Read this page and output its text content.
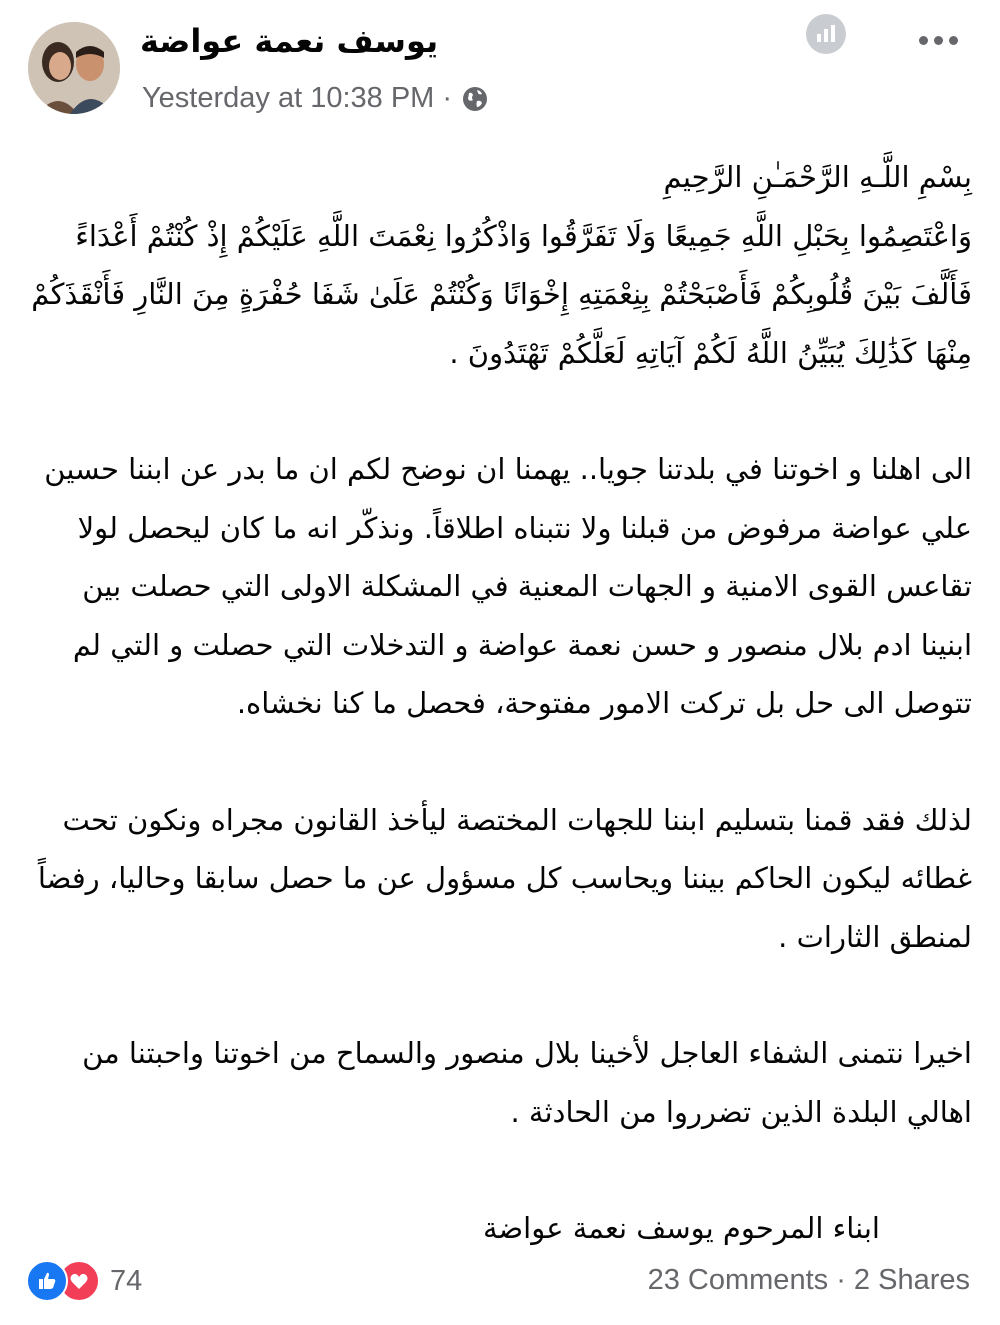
يوسف نعمة عواضة
Yesterday at 10:38 PM ·

بِسْمِ اللَّـهِ الرَّحْمَـٰنِ الرَّحِيمِ
وَاعْتَصِمُوا بِحَبْلِ اللَّهِ جَمِيعًا وَلَا تَفَرَّقُوا وَاذْكُرُوا نِعْمَتَ اللَّهِ عَلَيْكُمْ إِذْ كُنْتُمْ أَعْدَاءً فَأَلَّفَ بَيْنَ قُلُوبِكُمْ فَأَصْبَحْتُمْ بِنِعْمَتِهِ إِخْوَانًا وَكُنْتُمْ عَلَىٰ شَفَا حُفْرَةٍ مِنَ النَّارِ فَأَنْقَذَكُمْ مِنْهَا كَذَٰلِكَ يُبَيِّنُ اللَّهُ لَكُمْ آيَاتِهِ لَعَلَّكُمْ تَهْتَدُونَ .

الى اهلنا و اخوتنا في بلدتنا جويا.. يهمنا ان نوضح لكم ان ما بدر عن ابننا حسين علي عواضة مرفوض من قبلنا ولا نتبناه اطلاقاً. ونذكّر انه ما كان ليحصل لولا تقاعس القوى الامنية و الجهات المعنية في المشكلة الاولى التي حصلت بين ابنينا ادم بلال منصور و حسن نعمة عواضة و التدخلات التي حصلت و التي لم تتوصل الى حل بل تركت الامور مفتوحة، فحصل ما كنا نخشاه.

لذلك فقد قمنا بتسليم ابننا للجهات المختصة ليأخذ القانون مجراه ونكون تحت غطائه ليكون الحاكم بيننا ويحاسب كل مسؤول عن ما حصل سابقا وحاليا، رفضاً لمنطق الثارات .

اخيرا نتمنى الشفاء العاجل لأخينا بلال منصور والسماح من اخوتنا واحبتنا من اهالي البلدة الذين تضرروا من الحادثة .

ابناء المرحوم يوسف نعمة عواضة

74	23 Comments · 2 Shares
